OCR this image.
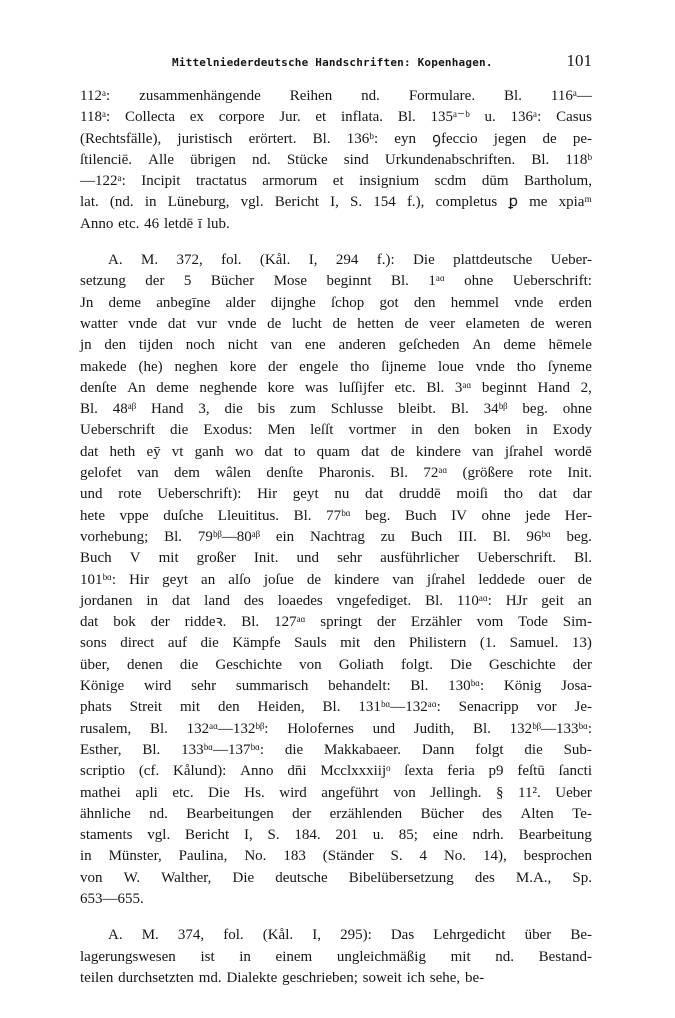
Mittelniederdeutsche Handschriften: Kopenhagen.	101
112ᵃ: zusammenhängende Reihen nd. Formulare. Bl. 116ᵃ—
118ᵃ: Collecta ex corpore Jur. et inflata. Bl. 135ᵃ⁻ᵇ u. 136ᵃ: Casus
(Rechtsfälle), juristisch erörtert. Bl. 136ᵇ: eyn ꝯfeccio jegen de pe-
ſtilenciē. Alle übrigen nd. Stücke sind Urkundenabschriften. Bl. 118ᵇ
—122ᵃ: Incipit tractatus armorum et insignium scdm dūm Bartholum,
lat. (nd. in Lüneburg, vgl. Bericht I, S. 154 f.), completus ꝑ me xpiaᵐ
Anno etc. 46 letdē ī lub.
A. M. 372, fol. (Kål. I, 294 f.): Die plattdeutsche Ueber-
setzung der 5 Bücher Mose beginnt Bl. 1ᵃᵅ ohne Ueberschrift:
Jn deme anbegīne alder dijnghe ſchop got den hemmel vnde erden
watter vnde dat vur vnde de lucht de hetten de veer elameten de weren
jn den tijden noch nicht van ene anderen geſcheden An deme hēmele
makede (he) neghen kore der engele tho ſijneme loue vnde tho ſyneme
denſte An deme neghende kore was luſſijfer etc. Bl. 3ᵃᵅ beginnt Hand 2,
Bl. 48ᵃᵝ Hand 3, die bis zum Schlusse bleibt. Bl. 34ᵇᵝ beg. ohne
Ueberschrift die Exodus: Men leſſt vortmer in den boken in Exody
dat heth eȳ vt ganh wo dat to quam dat de kindere van jſrahel wordē
gelofet van dem wâlen denſte Pharonis. Bl. 72ᵃᵅ (größere rote Init.
und rote Ueberschrift): Hir geyt nu dat druddē moiſi tho dat dar
hete vppe duſche Lleuititus. Bl. 77ᵇᵅ beg. Buch IV ohne jede Her-
vorhebung; Bl. 79ᵇᵝ—80ᵃᵝ ein Nachtrag zu Buch III. Bl. 96ᵇᵅ beg.
Buch V mit großer Init. und sehr ausführlicher Ueberschrift. Bl.
101ᵇᵅ: Hir geyt an alſo joſue de kindere van jſrahel leddede ouer de
jordanen in dat land des loaedes vngefediget. Bl. 110ᵃᵅ: HJr geit an
dat bok der riddeꝛ. Bl. 127ᵃᵅ springt der Erzähler vom Tode Sim-
sons direct auf die Kämpfe Sauls mit den Philistern (1. Samuel. 13)
über, denen die Geschichte von Goliath folgt. Die Geschichte der
Könige wird sehr summarisch behandelt: Bl. 130ᵇᵅ: König Josa-
phats Streit mit den Heiden, Bl. 131ᵇᵅ—132ᵃᵅ: Senacripp vor Je-
rusalem, Bl. 132ᵃᵅ—132ᵇᵝ: Holofernes und Judith, Bl. 132ᵇᵝ—133ᵇᵅ:
Esther, Bl. 133ᵇᵅ—137ᵇᵅ: die Makkabaeer. Dann folgt die Sub-
scriptio (cf. Kålund): Anno dn̄i Mcclxxxiijᵒ ſexta feria p9 feſtū ſancti
mathei apli etc. Die Hs. wird angeführt von Jellingh. § 11². Ueber
ähnliche nd. Bearbeitungen der erzählenden Bücher des Alten Te-
staments vgl. Bericht I, S. 184. 201 u. 85; eine ndrh. Bearbeitung
in Münster, Paulina, No. 183 (Ständer S. 4 No. 14), besprochen
von W. Walther, Die deutsche Bibelübersetzung des M.A., Sp.
653—655.
A. M. 374, fol. (Kål. I, 295): Das Lehrgedicht über Be-
lagerungswesen ist in einem ungleichmäßig mit nd. Bestand-
teilen durchsetzten md. Dialekte geschrieben; soweit ich sehe, be-
